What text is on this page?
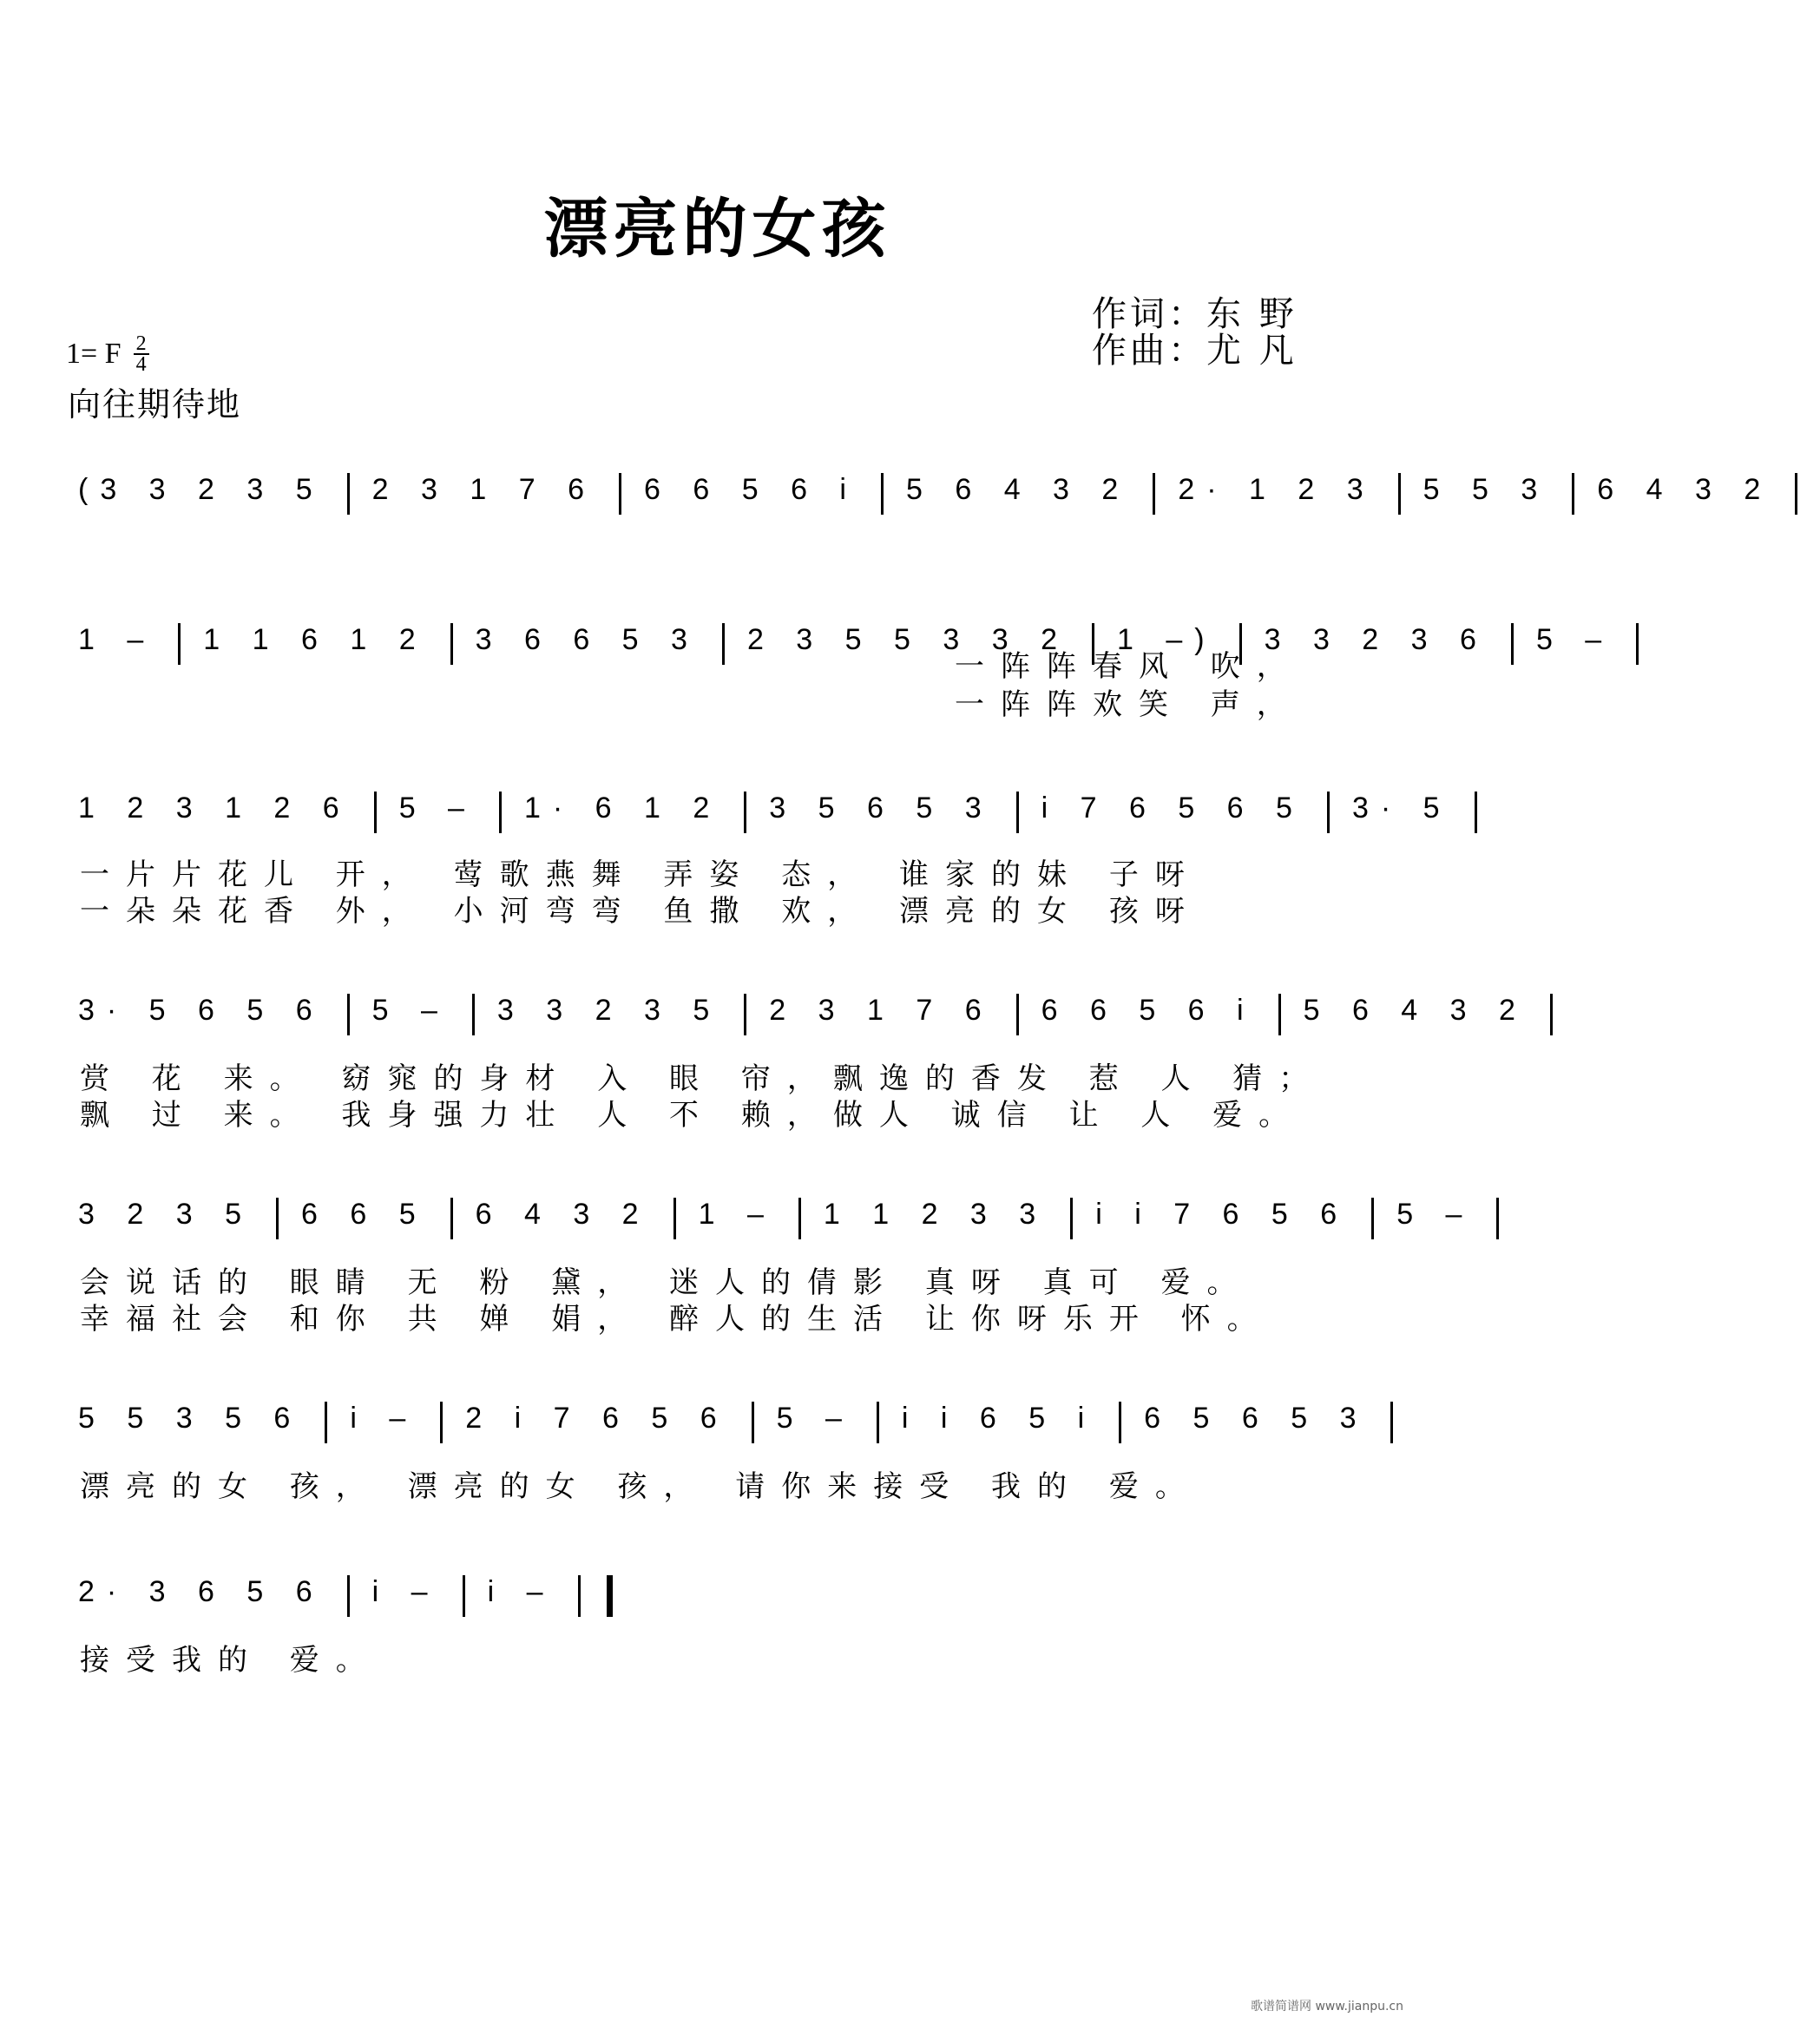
漂亮的女孩
作词：东 野
作曲：尤 凡
1= F $\frac{2}{4}$
向往期待地
(3 3 2 3 5 2 3 1 7 6 6 6 5 6 i 5 6 4 3 2 2· 1 2 3 5 5 3 6 4 3 2
1 – 1 1 6 1 2 3 6 6 5 3 2 3 5 5 3 3 2 1 –) 3 3 2 3 6 5 –
一阵阵春风 吹，
一阵阵欢笑 声，
1 2 3 1 2 6 5 – 1· 6 1 2 3 5 6 5 3 i 7 6 5 6 5 3· 5
一片片花儿 开， 莺歌燕舞 弄姿 态， 谁家的妹 子呀
一朵朵花香 外， 小河弯弯 鱼撒 欢， 漂亮的女 孩呀
3· 5 6 5 6 5 – 3 3 2 3 5 2 3 1 7 6 6 6 5 6 i 5 6 4 3 2
赏 花 来。 窈窕的身材 入 眼 帘，飘逸的香发 惹 人 猜；
飘 过 来。 我身强力壮 人 不 赖，做人 诚信 让 人 爱。
3 2 3 5 6 6 5 6 4 3 2 1 – 1 1 2 3 3 i i 7 6 5 6 5 –
会说话的 眼睛 无 粉 黛， 迷人的倩影 真呀 真可 爱。
幸福社会 和你 共 婵 娟， 醉人的生活 让你呀乐开 怀。
5 5 3 5 6 i – 2 i 7 6 5 6 5 – i i 6 5 i 6 5 6 5 3
漂亮的女 孩， 漂亮的女 孩， 请你来接受 我的 爱。
2· 3 6 5 6 i – i –
接受我的 爱。
歌谱简谱网 www.jianpu.cn
